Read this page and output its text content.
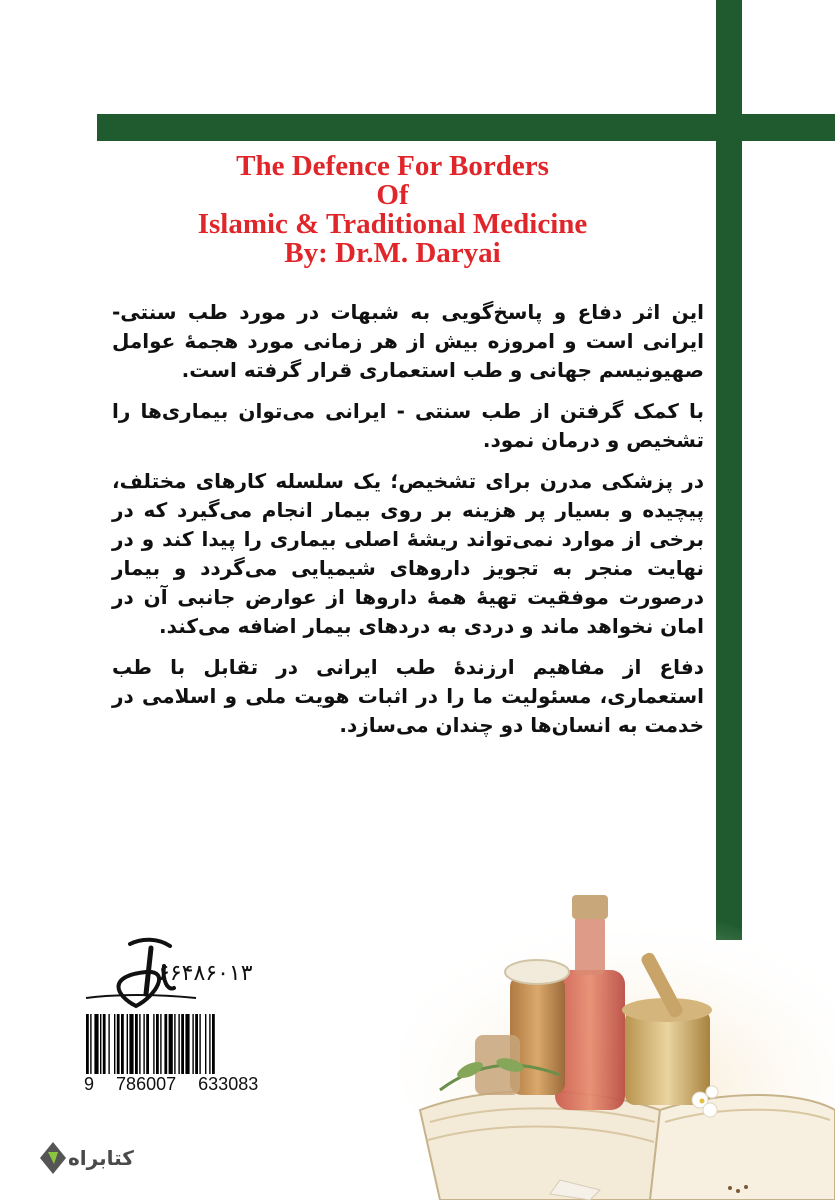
The Defence For Borders
Of
Islamic & Traditional Medicine
By: Dr.M. Daryai

این اثر دفاع و پاسخ‌گویی به شبهات در مورد طب سنتی-ایرانی است و امروزه بیش از هر زمانی مورد هجمهٔ عوامل صهیونیسم جهانی و طب استعماری قرار گرفته است.

با کمک گرفتن از طب سنتی - ایرانی می‌توان بیماری‌ها را تشخیص و درمان نمود.

در پزشکی مدرن برای تشخیص؛ یک سلسله کارهای مختلف، پیچیده و بسیار پر هزینه بر روی بیمار انجام می‌گیرد که در برخی از موارد نمی‌تواند ریشهٔ اصلی بیماری را پیدا کند و در نهایت منجر به تجویز داروهای شیمیایی می‌گردد و بیمار درصورت موفقیت تهیهٔ همهٔ داروها از عوارض جانبی آن در امان نخواهد ماند و دردی به دردهای بیمار اضافه می‌کند.

دفاع از مفاهیم ارزندهٔ طب ایرانی در تقابل با طب استعماری، مسئولیت ما را در اثبات هویت ملی و اسلامی در خدمت به انسان‌ها دو چندان می‌سازد.

۶۶۴۸۶۰۱۳
9 786007 633083
کتابراه
